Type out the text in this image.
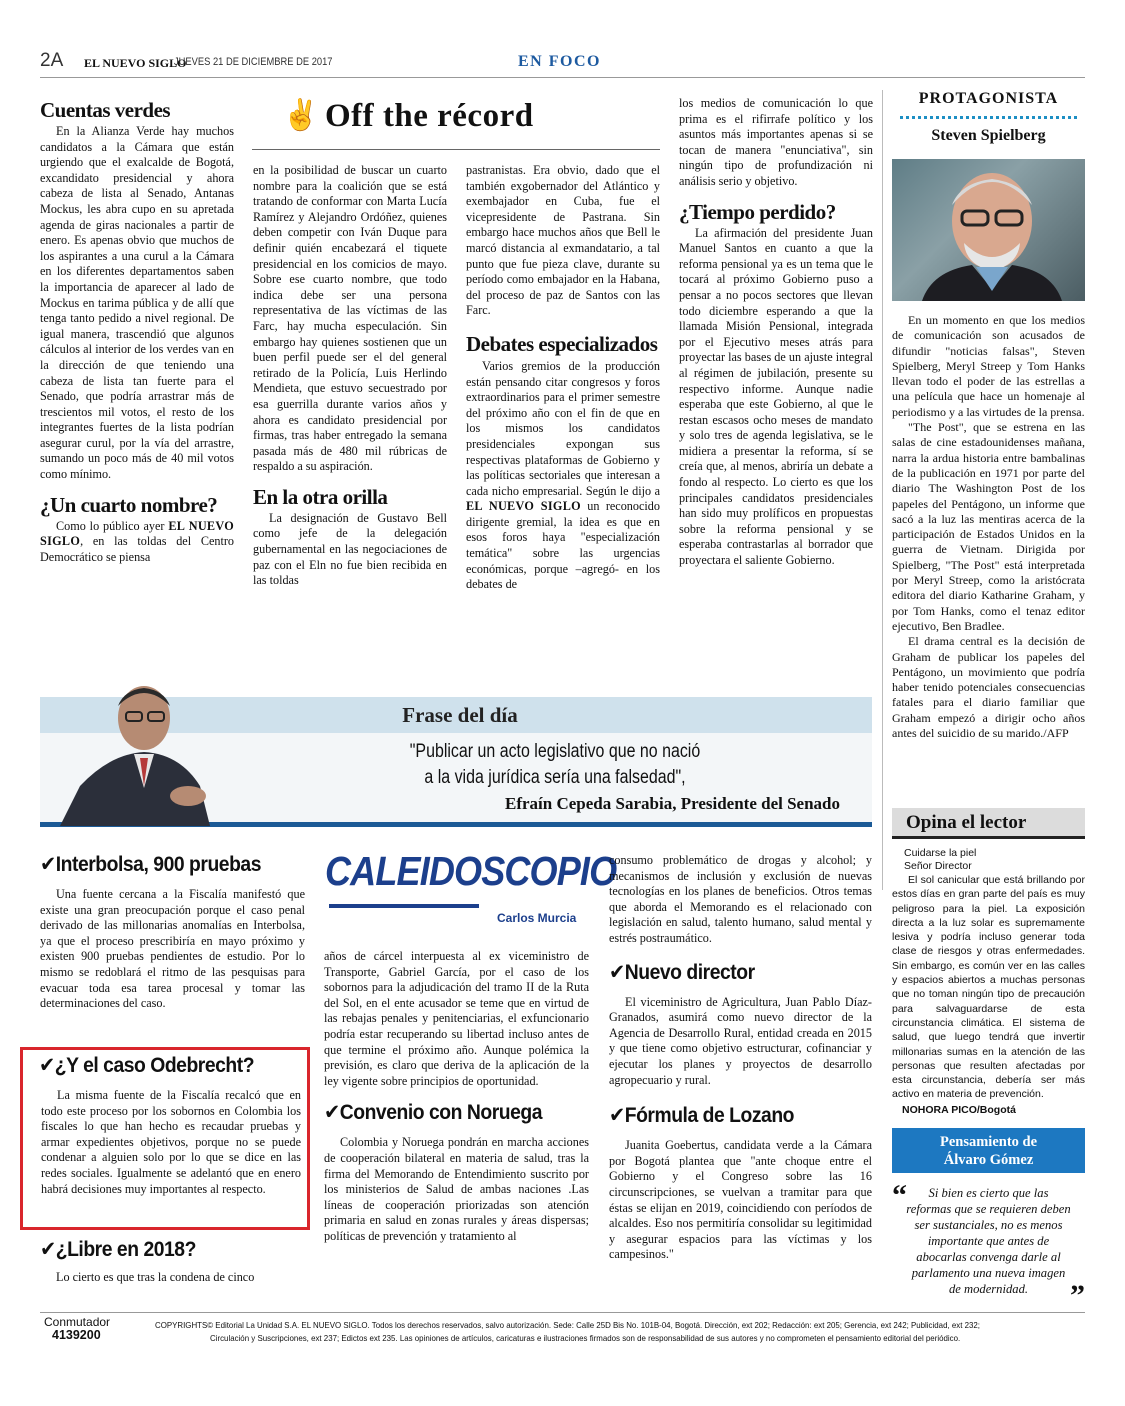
2A EL NUEVO SIGLO
JUEVES 21 DE DICIEMBRE DE 2017	EN FOCO
✌ Off the récord
Cuentas verdes

En la Alianza Verde hay muchos candidatos a la Cámara que están urgiendo que el exalcalde de Bogotá, excandidato presidencial y ahora cabeza de lista al Senado, Antanas Mockus, les abra cupo en su apretada agenda de giras nacionales a partir de enero. Es apenas obvio que muchos de los aspirantes a una curul a la Cámara en los diferentes departamentos saben la importancia de aparecer al lado de Mockus en tarima pública y de allí que tenga tanto pedido a nivel regional. De igual manera, trascendió que algunos cálculos al interior de los verdes van en la dirección de que teniendo una cabeza de lista tan fuerte para el Senado, que podría arrastrar más de trescientos mil votos, el resto de los integrantes fuertes de la lista podrían asegurar curul, por la vía del arrastre, sumando un poco más de 40 mil votos como mínimo.

¿Un cuarto nombre?

Como lo público ayer EL NUEVO SIGLO, en las toldas del Centro Democrático se piensa

en la posibilidad de buscar un cuarto nombre para la coalición que se está tratando de conformar con Marta Lucía Ramírez y Alejandro Ordóñez, quienes deben competir con Iván Duque para definir quién encabezará el tiquete presidencial en los comicios de mayo. Sobre ese cuarto nombre, que todo indica debe ser una persona representativa de las víctimas de las Farc, hay mucha especulación. Sin embargo hay quienes sostienen que un buen perfil puede ser el del general retirado de la Policía, Luis Herlindo Mendieta, que estuvo secuestrado por esa guerrilla durante varios años y ahora es candidato presidencial por firmas, tras haber entregado la semana pasada más de 480 mil rúbricas de respaldo a su aspiración.

En la otra orilla

La designación de Gustavo Bell como jefe de la delegación gubernamental en las negociaciones de paz con el Eln no fue bien recibida en las toldas

pastranistas. Era obvio, dado que el también exgobernador del Atlántico y exembajador en Cuba, fue el vicepresidente de Pastrana. Sin embargo hace muchos años que Bell le marcó distancia al exmandatario, a tal punto que fue pieza clave, durante su período como embajador en la Habana, del proceso de paz de Santos con las Farc.

Debates especializados

Varios gremios de la producción están pensando citar congresos y foros extraordinarios para el primer semestre del próximo año con el fin de que en los mismos los candidatos presidenciales expongan sus respectivas plataformas de Gobierno y las políticas sectoriales que interesan a cada nicho empresarial. Según le dijo a EL NUEVO SIGLO un reconocido dirigente gremial, la idea es que en esos foros haya "especialización temática" sobre las urgencias económicas, porque –agregó- en los debates de

los medios de comunicación lo que prima es el rifirrafe político y los asuntos más importantes apenas si se tocan de manera "enunciativa", sin ningún tipo de profundización ni análisis serio y objetivo.

¿Tiempo perdido?

La afirmación del presidente Juan Manuel Santos en cuanto a que la reforma pensional ya es un tema que le tocará al próximo Gobierno puso a pensar a no pocos sectores que llevan todo diciembre esperando a que la llamada Misión Pensional, integrada por el Ejecutivo meses atrás para proyectar las bases de un ajuste integral al régimen de jubilación, presente su respectivo informe. Aunque nadie esperaba que este Gobierno, al que le restan escasos ocho meses de mandato y solo tres de agenda legislativa, se le midiera a presentar la reforma, sí se creía que, al menos, abriría un debate a fondo al respecto. Lo cierto es que los principales candidatos presidenciales han sido muy prolíficos en propuestas sobre la reforma pensional y se esperaba contrastarlas al borrador que proyectara el saliente Gobierno.

PROTAGONISTA
Steven Spielberg

En un momento en que los medios de comunicación son acusados de difundir "noticias falsas", Steven Spielberg, Meryl Streep y Tom Hanks llevan todo el poder de las estrellas a una película que hace un homenaje al periodismo y a las virtudes de la prensa.

"The Post", que se estrena en las salas de cine estadounidenses mañana, narra la ardua historia entre bambalinas de la publicación en 1971 por parte del diario The Washington Post de los papeles del Pentágono, un informe que sacó a la luz las mentiras acerca de la participación de Estados Unidos en la guerra de Vietnam. Dirigida por Spielberg, "The Post" está interpretada por Meryl Streep, como la aristócrata editora del diario Katharine Graham, y por Tom Hanks, como el tenaz editor ejecutivo, Ben Bradlee.

El drama central es la decisión de Graham de publicar los papeles del Pentágono, un movimiento que podría haber tenido potenciales consecuencias fatales para el diario familiar que Graham empezó a dirigir ocho años antes del suicidio de su marido./AFP

Frase del día
"Publicar un acto legislativo que no nació
a la vida jurídica sería una falsedad",
Efraín Cepeda Sarabia, Presidente del Senado
Opina el lector
Cuidarse la piel
Señor Director

El sol canicular que está brillando por estos días en gran parte del país es muy peligroso para la piel. La exposición directa a la luz solar es supremamente lesiva y podría incluso generar toda clase de riesgos y otras enfermedades. Sin embargo, es común ver en las calles y espacios abiertos a muchas personas que no toman ningún tipo de precaución para salvaguardarse de esta circunstancia climática. El sistema de salud, que luego tendrá que invertir millonarias sumas en la atención de las personas que resulten afectadas por esta circunstancia, debería ser más activo en materia de prevención.

NOHORA PICO/Bogotá
Pensamiento de
Álvaro Gómez
“	Si bien es cierto que las reformas que se requieren deben ser sustanciales, no es menos importante que antes de abocarlas convenga darle al parlamento una nueva imagen de modernidad.	”
CALEIDOSCOPIO
Carlos Murcia
✔Interbolsa, 900 pruebas

Una fuente cercana a la Fiscalía manifestó que existe una gran preocupación porque el caso penal derivado de las millonarias anomalías en Interbolsa, ya que el proceso prescribiría en mayo próximo y existen 900 pruebas pendientes de estudio. Por lo mismo se redoblará el ritmo de las pesquisas para evacuar toda esa tarea procesal y tomar las determinaciones del caso.

✔¿Y el caso Odebrecht?

La misma fuente de la Fiscalía recalcó que en todo este proceso por los sobornos en Colombia los fiscales lo que han hecho es recaudar pruebas y armar expedientes objetivos, porque no se puede condenar a alguien solo por lo que se dice en las redes sociales. Igualmente se adelantó que en enero habrá decisiones muy importantes al respecto.

✔¿Libre en 2018?

Lo cierto es que tras la condena de cinco

años de cárcel interpuesta al ex viceministro de Transporte, Gabriel García, por el caso de los sobornos para la adjudicación del tramo II de la Ruta del Sol, en el ente acusador se teme que en virtud de las rebajas penales y penitenciarias, el exfuncionario podría estar recuperando su libertad incluso antes de que termine el próximo año. Aunque polémica la previsión, es claro que deriva de la aplicación de la ley vigente sobre principios de oportunidad.

✔Convenio con Noruega

Colombia y Noruega pondrán en marcha acciones de cooperación bilateral en materia de salud, tras la firma del Memorando de Entendimiento suscrito por los ministerios de Salud de ambas naciones .Las líneas de cooperación priorizadas son atención primaria en salud en zonas rurales y áreas dispersas; políticas de prevención y tratamiento al

consumo problemático de drogas y alcohol; y mecanismos de inclusión y exclusión de nuevas tecnologías en los planes de beneficios. Otros temas que aborda el Memorando es el relacionado con legislación en salud, talento humano, salud mental y estrés postraumático.

✔Nuevo director

El viceministro de Agricultura, Juan Pablo Díaz-Granados, asumirá como nuevo director de la Agencia de Desarrollo Rural, entidad creada en 2015 y que tiene como objetivo estructurar, cofinanciar y ejecutar los planes y proyectos de desarrollo agropecuario y rural.

✔Fórmula de Lozano

Juanita Goebertus, candidata verde a la Cámara por Bogotá plantea que "ante choque entre el Gobierno y el Congreso sobre las 16 circunscripciones, se vuelvan a tramitar para que éstas se elijan en 2019, coincidiendo con períodos de alcaldes. Eso nos permitiría consolidar su legitimidad y asegurar espacios para las víctimas y los campesinos."

Conmutador
4139200
COPYRIGHTS© Editorial La Unidad S.A. EL NUEVO SIGLO. Todos los derechos reservados, salvo autorización. Sede: Calle 25D Bis No. 101B-04, Bogotá. Dirección, ext 202; Redacción: ext 205; Gerencia, ext 242; Publicidad, ext 232;
Circulación y Suscripciones, ext 237; Edictos ext 235. Las opiniones de artículos, caricaturas e ilustraciones firmados son de responsabilidad de sus autores y no comprometen el pensamiento editorial del periódico.
